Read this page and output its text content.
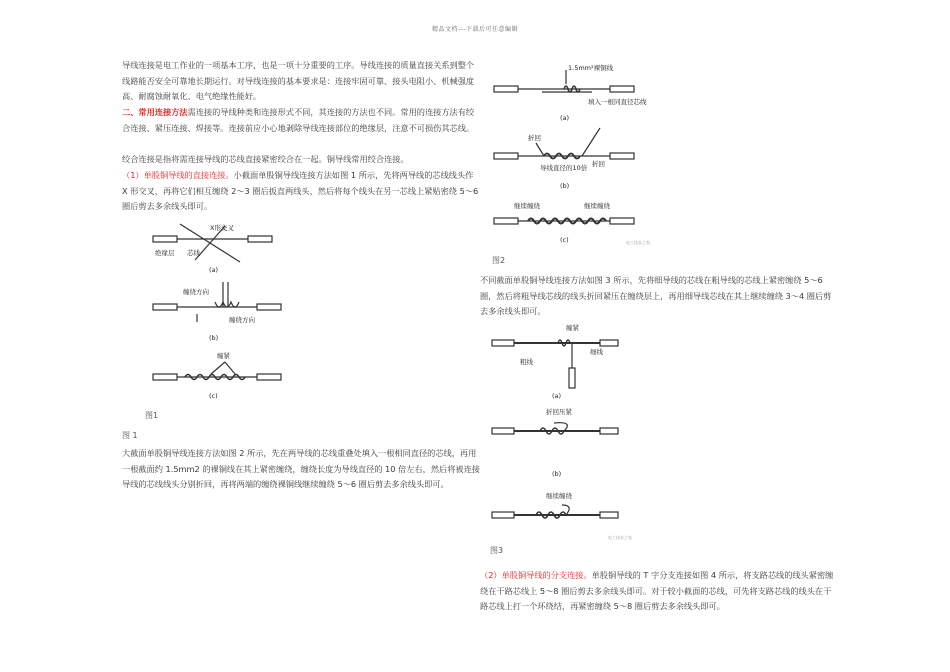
精品文档---下载后可任意编辑

导线连接是电工作业的一项基本工序，也是一项十分重要的工序。导线连接的质量直接关系到整个线路能否安全可靠地长期运行。对导线连接的基本要求是：连接牢固可靠、接头电阻小、机械强度高、耐腐蚀耐氧化、电气绝缘性能好。

二、常用连接方法需连接的导线种类和连接形式不同，其连接的方法也不同。常用的连接方法有绞合连接、紧压连接、焊接等。连接前应小心地剥除导线连接部位的绝缘层，注意不可损伤其芯线。

绞合连接是指将需连接导线的芯线直接紧密绞合在一起。铜导线常用绞合连接。

（1）单股铜导线的直接连接。小截面单股铜导线连接方法如图 1 所示，先将两导线的芯线线头作 X 形交叉，再将它们相互缠绕 2～3 圈后扳直两线头，然后将每个线头在另一芯线上紧贴密绕 5～6 圈后剪去多余线头即可。

X形交叉
绝缘层 芯线
(a)
缠绕方向
缠绕方向
(b)
缠紧
(c)
图1
图 1

大截面单股铜导线连接方法如图 2 所示，先在两导线的芯线重叠处填入一根相同直径的芯线，再用一根截面约 1.5mm2 的裸铜线在其上紧密缠绕，缠绕长度为导线直径的 10 倍左右，然后将被连接导线的芯线线头分别折回，再将两端的缠绕裸铜线继续缠绕 5～6 圈后剪去多余线头即可。

1.5mm²裸铜线
填入一根同直径芯线
(a)
折回
导线直径的10倍 折回
(b)
继续缠绕	继续缠绕
(c)	电工技术之家
图2

不同截面单股铜导线连接方法如图 3 所示，先将细导线的芯线在粗导线的芯线上紧密缠绕 5～6 圈，然后将粗导线芯线的线头折回紧压在缠绕层上，再用细导线芯线在其上继续缠绕 3～4 圈后剪去多余线头即可。

缠紧
细线
粗线
(a)
折回压紧
(b)
继续缠绕
电工技术之家
图3

（2）单股铜导线的分支连接。单股铜导线的 T 字分支连接如图 4 所示，将支路芯线的线头紧密缠绕在干路芯线上 5～8 圈后剪去多余线头即可。对于较小截面的芯线，可先将支路芯线的线头在干路芯线上打一个环绕结，再紧密缠绕 5～8 圈后剪去多余线头即可。
